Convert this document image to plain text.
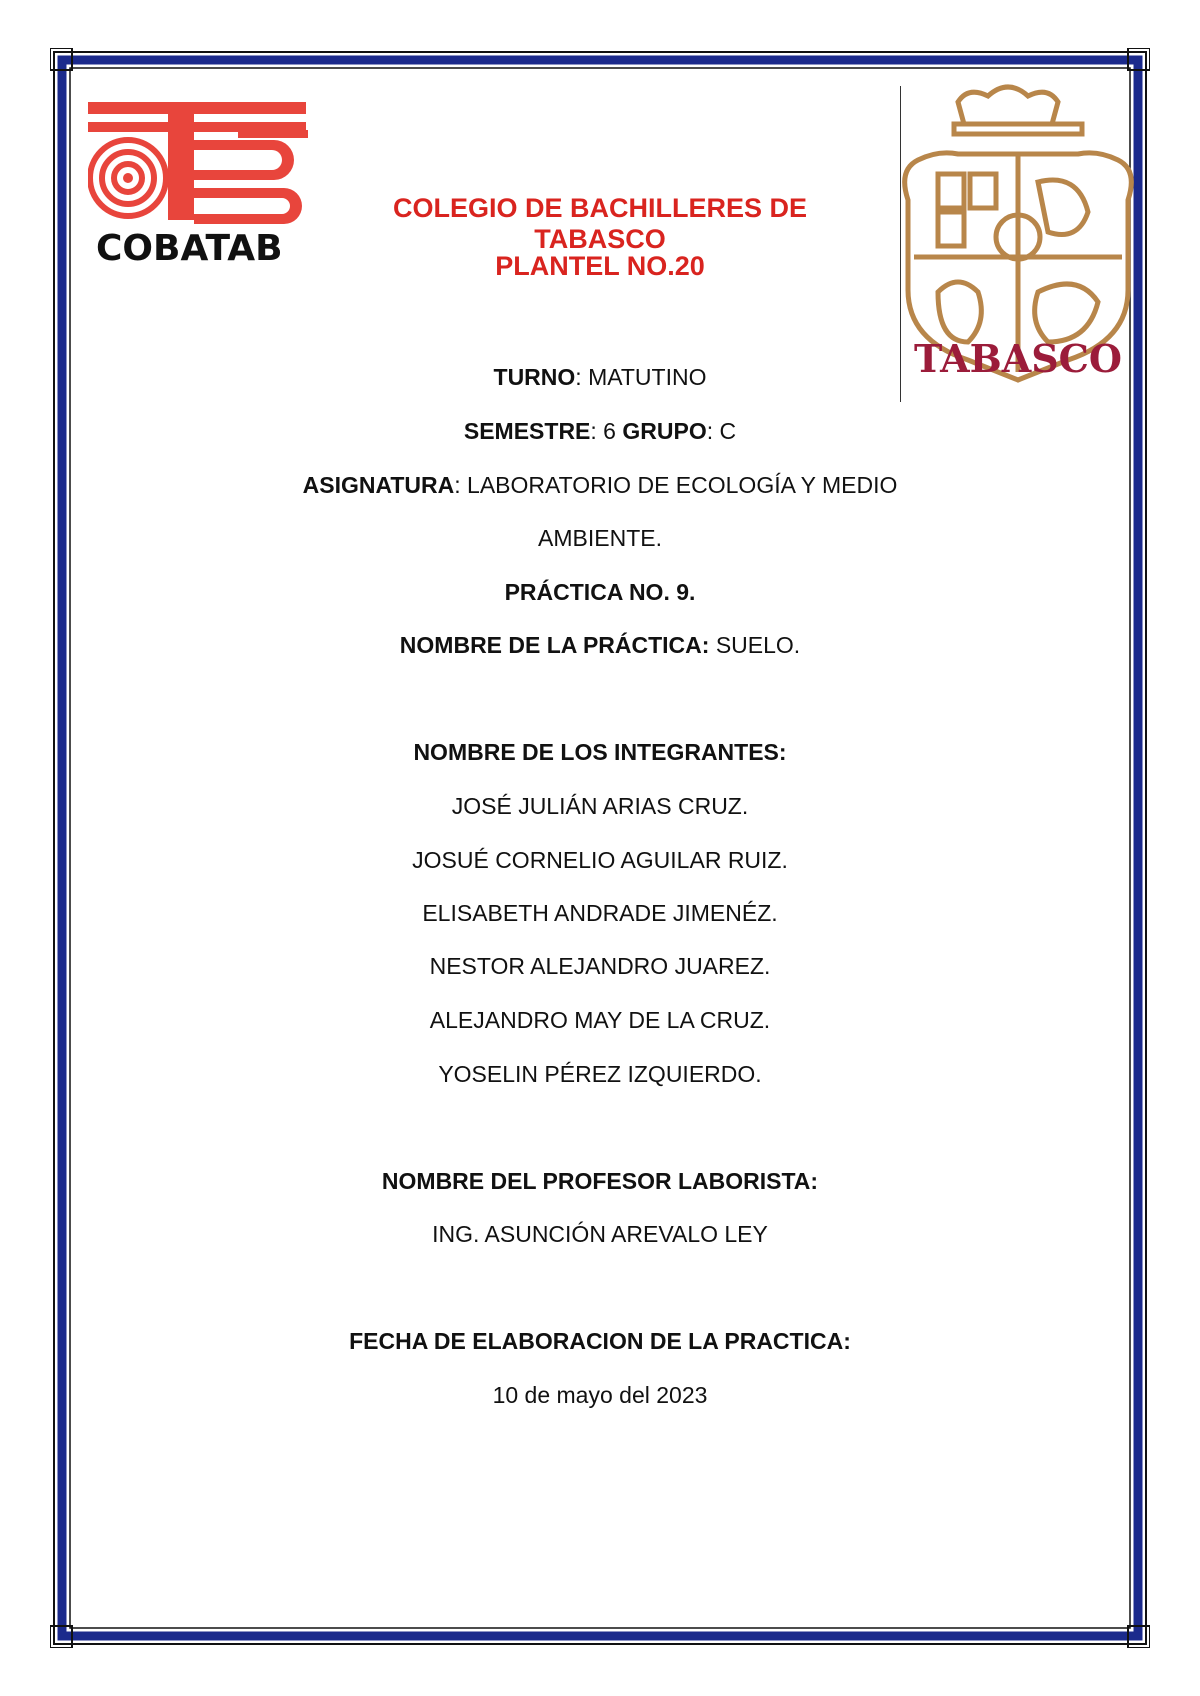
COBATAB
TABASCO
COLEGIO DE BACHILLERES DE TABASCO
PLANTEL NO.20
TURNO: MATUTINO
SEMESTRE: 6 GRUPO: C
ASIGNATURA: LABORATORIO DE ECOLOGÍA Y MEDIO
AMBIENTE.
PRÁCTICA NO. 9.
NOMBRE DE LA PRÁCTICA: SUELO.
NOMBRE DE LOS INTEGRANTES:
JOSÉ JULIÁN ARIAS CRUZ.
JOSUÉ CORNELIO AGUILAR RUIZ.
ELISABETH ANDRADE JIMENÉZ.
NESTOR ALEJANDRO JUAREZ.
ALEJANDRO MAY DE LA CRUZ.
YOSELIN PÉREZ IZQUIERDO.
NOMBRE DEL PROFESOR LABORISTA:
ING. ASUNCIÓN AREVALO LEY
FECHA DE ELABORACION DE LA PRACTICA:
10 de mayo del 2023
